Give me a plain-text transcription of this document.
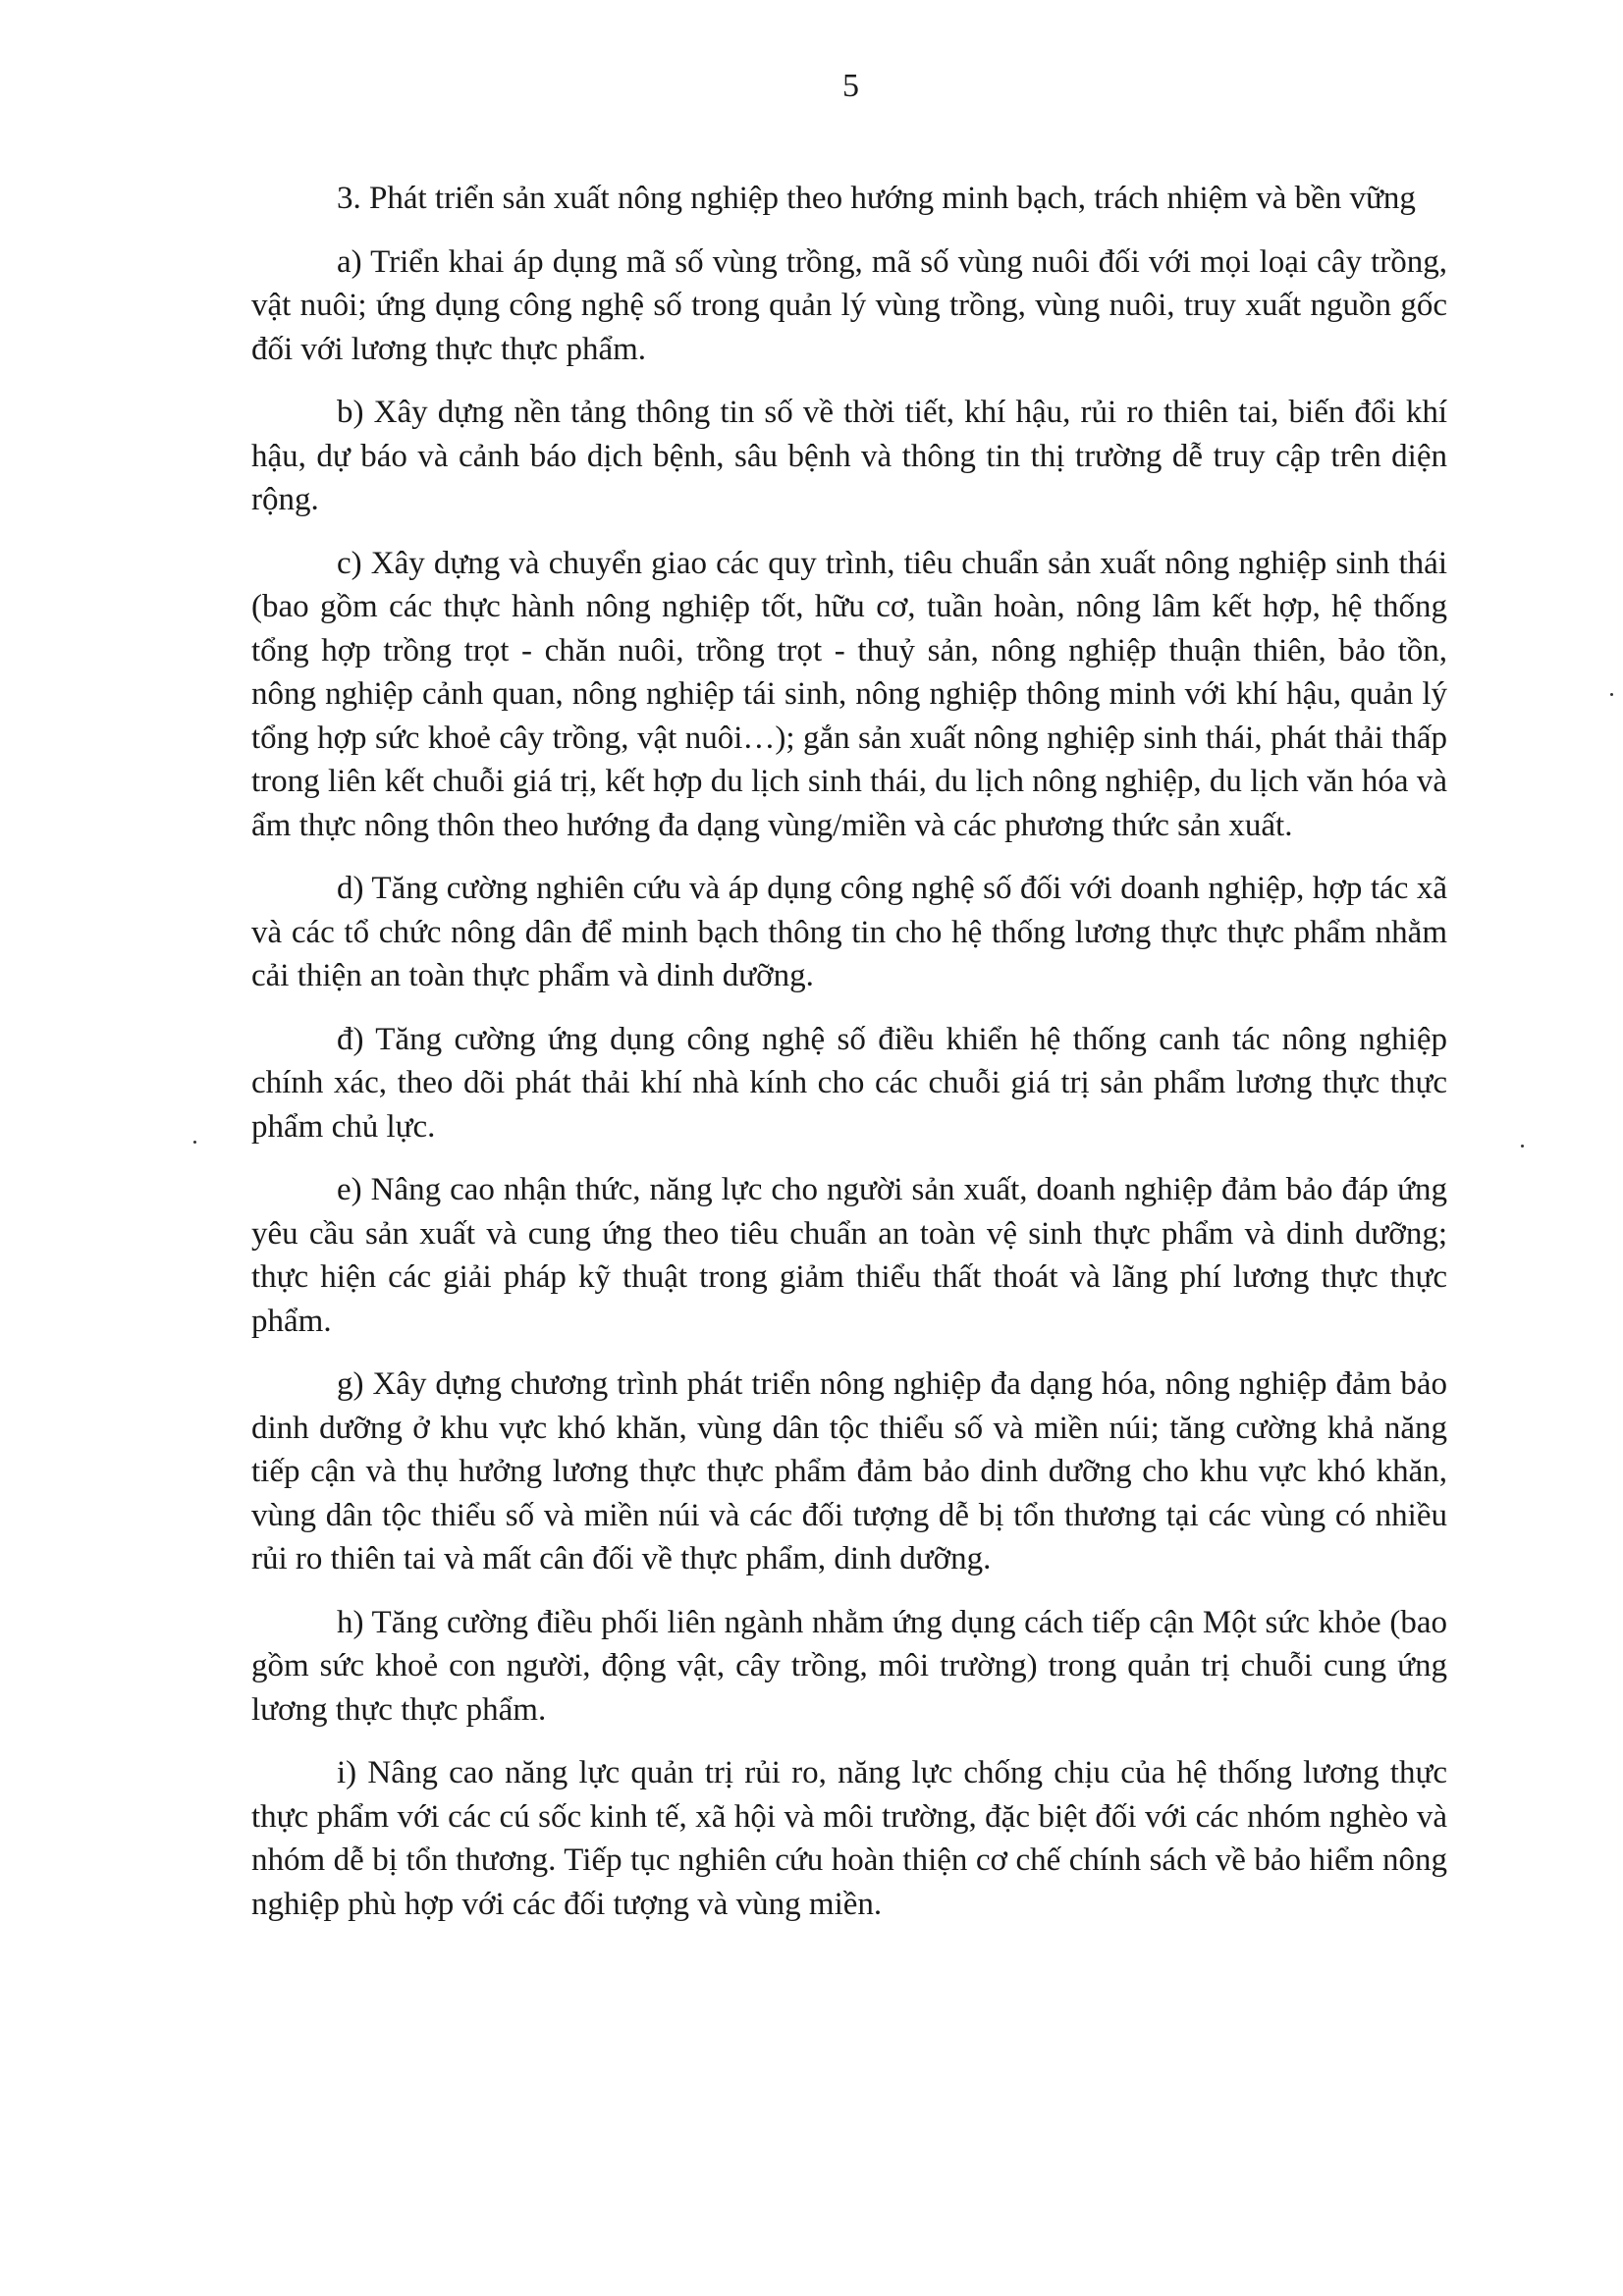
5

3. Phát triển sản xuất nông nghiệp theo hướng minh bạch, trách nhiệm và bền vững

a) Triển khai áp dụng mã số vùng trồng, mã số vùng nuôi đối với mọi loại cây trồng, vật nuôi; ứng dụng công nghệ số trong quản lý vùng trồng, vùng nuôi, truy xuất nguồn gốc đối với lương thực thực phẩm.

b) Xây dựng nền tảng thông tin số về thời tiết, khí hậu, rủi ro thiên tai, biến đổi khí hậu, dự báo và cảnh báo dịch bệnh, sâu bệnh và thông tin thị trường dễ truy cập trên diện rộng.

c) Xây dựng và chuyển giao các quy trình, tiêu chuẩn sản xuất nông nghiệp sinh thái (bao gồm các thực hành nông nghiệp tốt, hữu cơ, tuần hoàn, nông lâm kết hợp, hệ thống tổng hợp trồng trọt - chăn nuôi, trồng trọt - thuỷ sản, nông nghiệp thuận thiên, bảo tồn, nông nghiệp cảnh quan, nông nghiệp tái sinh, nông nghiệp thông minh với khí hậu, quản lý tổng hợp sức khoẻ cây trồng, vật nuôi…); gắn sản xuất nông nghiệp sinh thái, phát thải thấp trong liên kết chuỗi giá trị, kết hợp du lịch sinh thái, du lịch nông nghiệp, du lịch văn hóa và ẩm thực nông thôn theo hướng đa dạng vùng/miền và các phương thức sản xuất.

d) Tăng cường nghiên cứu và áp dụng công nghệ số đối với doanh nghiệp, hợp tác xã và các tổ chức nông dân để minh bạch thông tin cho hệ thống lương thực thực phẩm nhằm cải thiện an toàn thực phẩm và dinh dưỡng.

đ) Tăng cường ứng dụng công nghệ số điều khiển hệ thống canh tác nông nghiệp chính xác, theo dõi phát thải khí nhà kính cho các chuỗi giá trị sản phẩm lương thực thực phẩm chủ lực.

e) Nâng cao nhận thức, năng lực cho người sản xuất, doanh nghiệp đảm bảo đáp ứng yêu cầu sản xuất và cung ứng theo tiêu chuẩn an toàn vệ sinh thực phẩm và dinh dưỡng; thực hiện các giải pháp kỹ thuật trong giảm thiểu thất thoát và lãng phí lương thực thực phẩm.

g) Xây dựng chương trình phát triển nông nghiệp đa dạng hóa, nông nghiệp đảm bảo dinh dưỡng ở khu vực khó khăn, vùng dân tộc thiểu số và miền núi; tăng cường khả năng tiếp cận và thụ hưởng lương thực thực phẩm đảm bảo dinh dưỡng cho khu vực khó khăn, vùng dân tộc thiểu số và miền núi và các đối tượng dễ bị tổn thương tại các vùng có nhiều rủi ro thiên tai và mất cân đối về thực phẩm, dinh dưỡng.

h) Tăng cường điều phối liên ngành nhằm ứng dụng cách tiếp cận Một sức khỏe (bao gồm sức khoẻ con người, động vật, cây trồng, môi trường) trong quản trị chuỗi cung ứng lương thực thực phẩm.

i) Nâng cao năng lực quản trị rủi ro, năng lực chống chịu của hệ thống lương thực thực phẩm với các cú sốc kinh tế, xã hội và môi trường, đặc biệt đối với các nhóm nghèo và nhóm dễ bị tổn thương. Tiếp tục nghiên cứu hoàn thiện cơ chế chính sách về bảo hiểm nông nghiệp phù hợp với các đối tượng và vùng miền.
